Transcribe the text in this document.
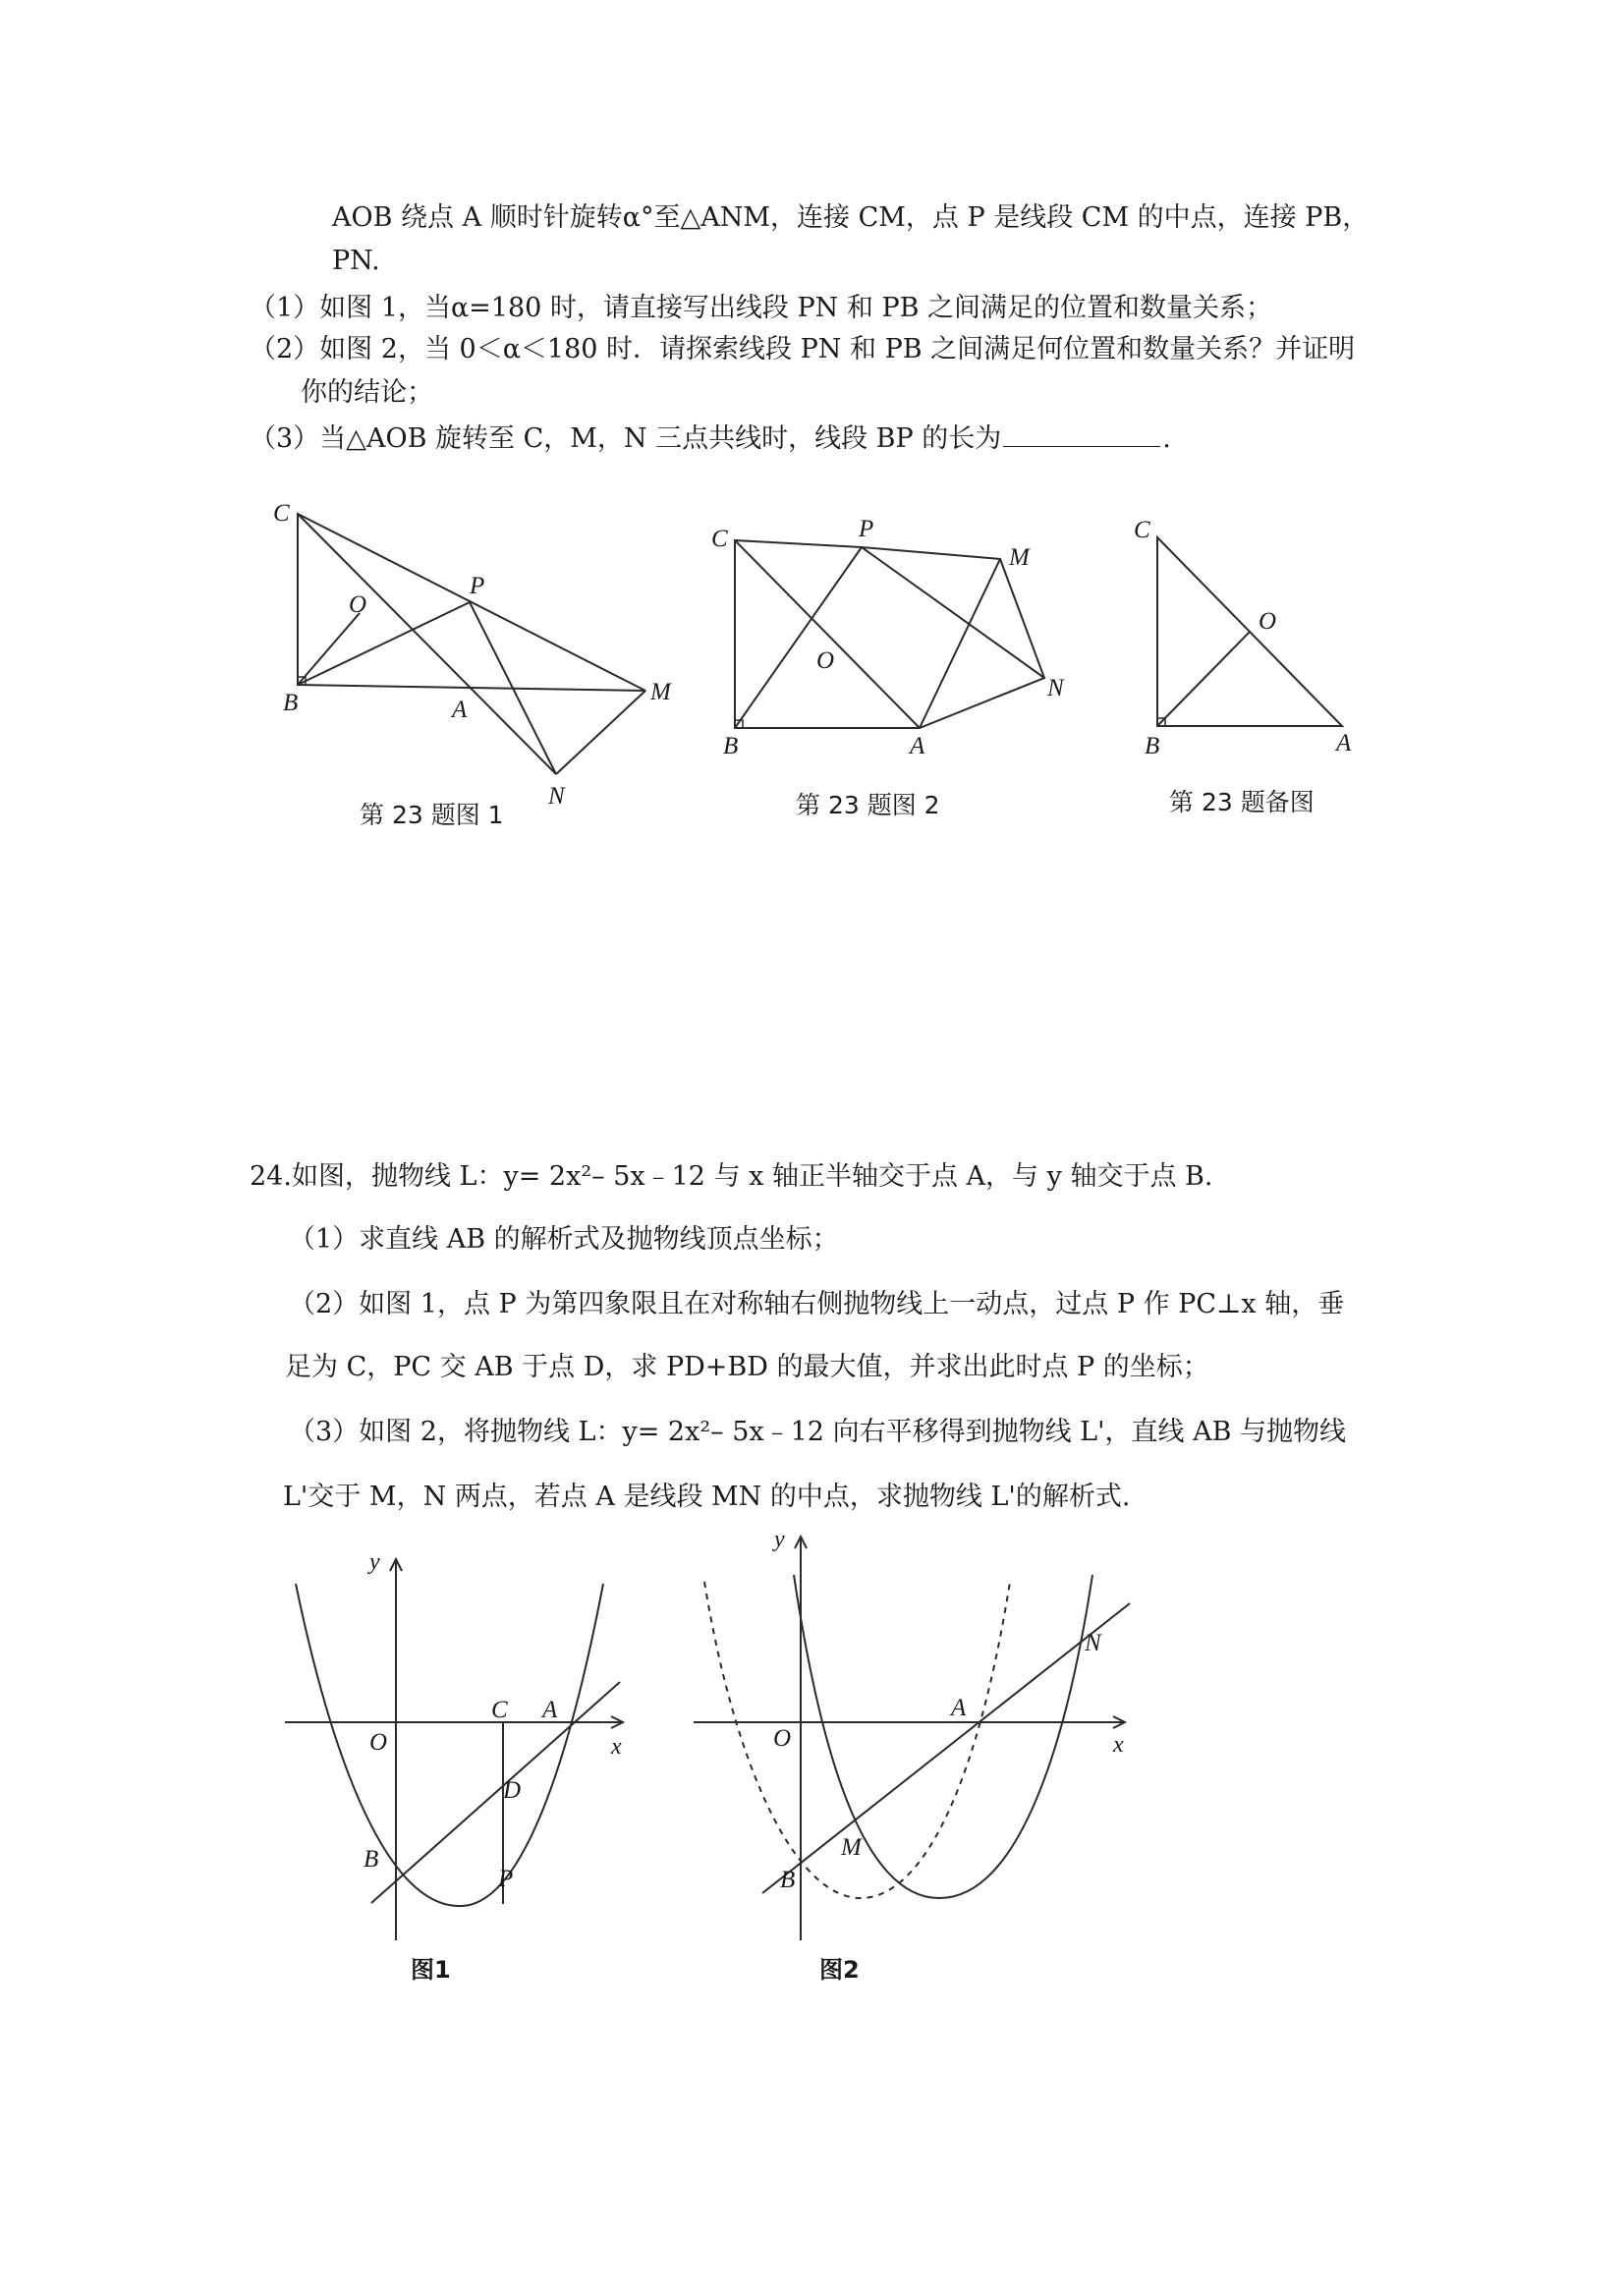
AOB 绕点 A 顺时针旋转α°至△ANM，连接 CM，点 P 是线段 CM 的中点，连接 PB，
PN.
（1）如图 1，当α=180 时，请直接写出线段 PN 和 PB 之间满足的位置和数量关系；
（2）如图 2，当 0＜α＜180 时．请探索线段 PN 和 PB 之间满足何位置和数量关系？并证明
你的结论；
（3）当△AOB 旋转至 C，M，N 三点共线时，线段 BP 的长为	.
24.如图，抛物线 L：y= 2x²– 5x﹣12 与 x 轴正半轴交于点 A，与 y 轴交于点 B.
（1）求直线 AB 的解析式及抛物线顶点坐标；
（2）如图 1，点 P 为第四象限且在对称轴右侧抛物线上一动点，过点 P 作 PC⊥x 轴，垂
足为 C，PC 交 AB 于点 D，求 PD+BD 的最大值，并求出此时点 P 的坐标；
（3）如图 2，将抛物线 L：y= 2x²– 5x﹣12 向右平移得到抛物线 L'，直线 AB 与抛物线
L'交于 M，N 两点，若点 A 是线段 MN 的中点，求抛物线 L'的解析式.
C
O
P
B	A
M
N
C	P
M
O
N
B	A
C
O
B	A
第 23 题图 1	第 23 题图 2	第 23 题备图
y
x
O
C A
D
B
P
y
x
O
A
N
M
B
图1	图2
